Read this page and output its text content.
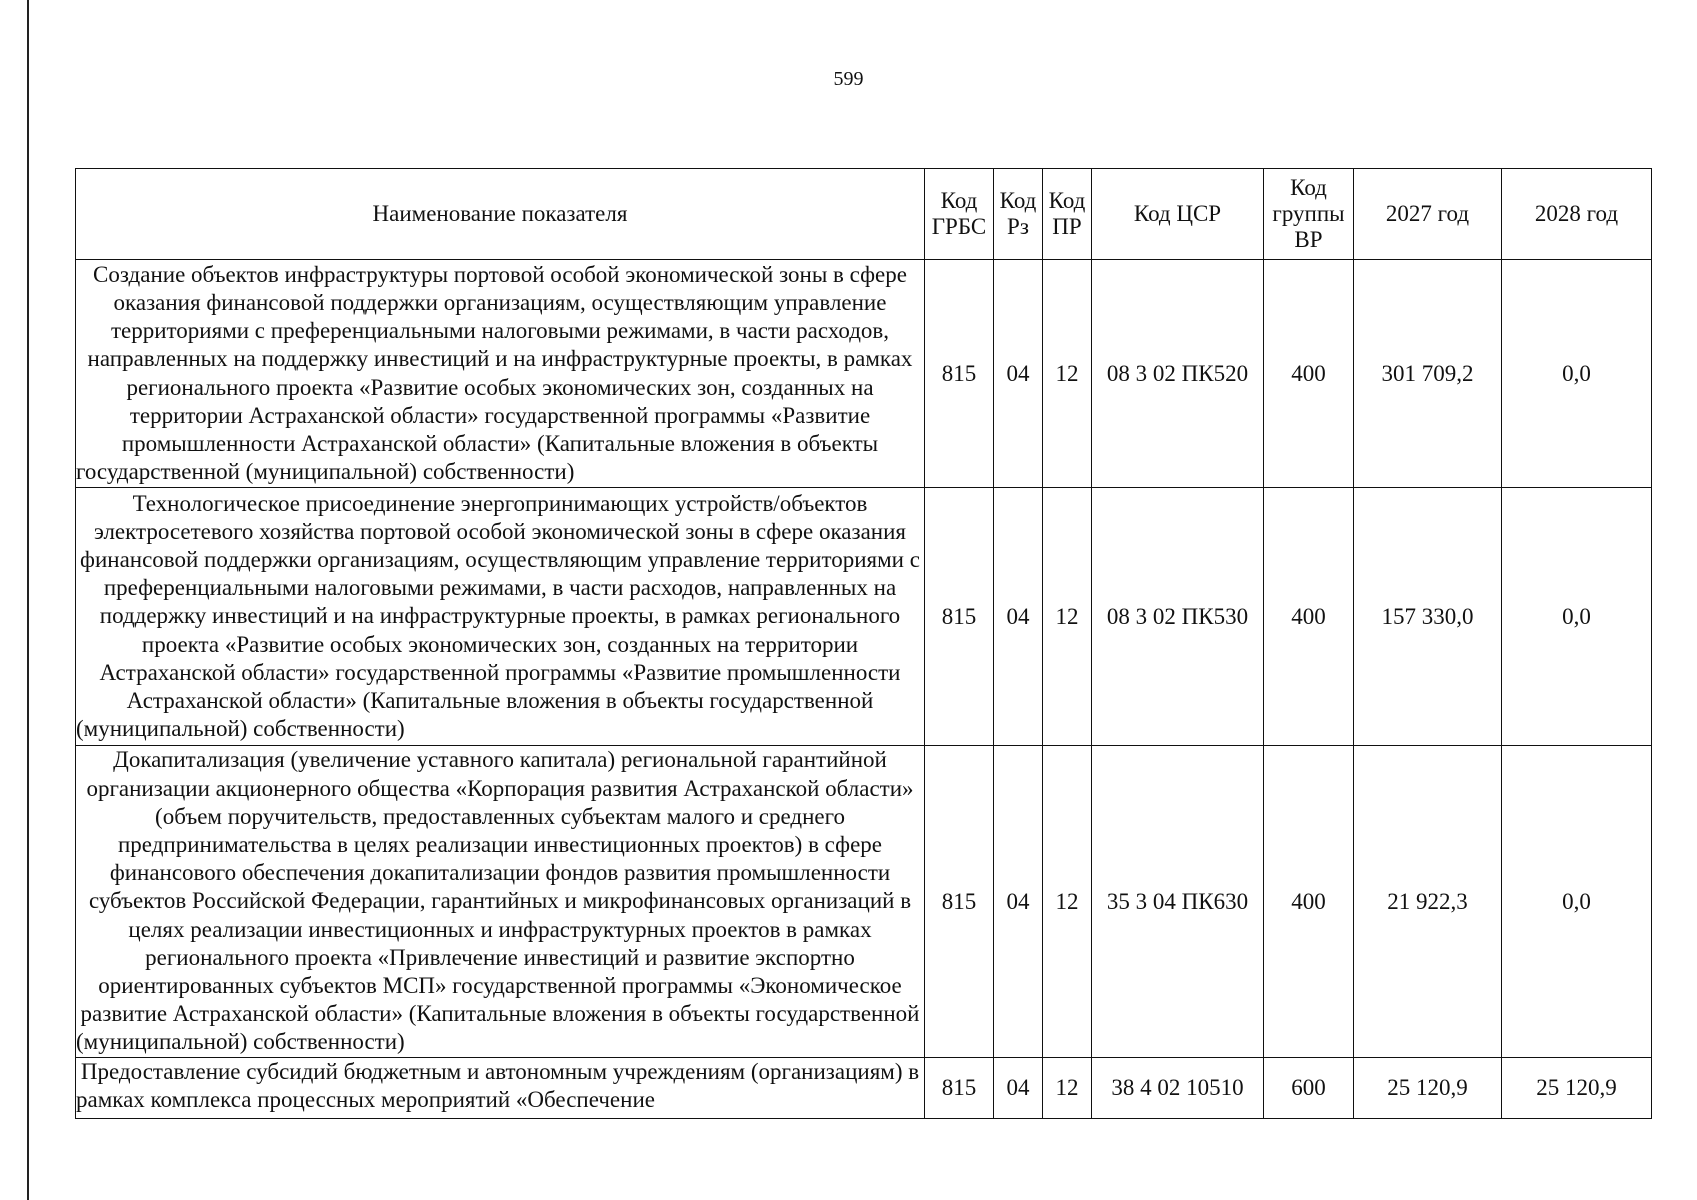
599
Наименование показателя	Код ГРБС	Код Рз	Код ПР	Код ЦСР	Код группы ВР	2027 год	2028 год
Создание объектов инфраструктуры портовой особой экономической зоны в сфере оказания финансовой поддержки организациям, осуществляющим управление территориями с преференциальными налоговыми режимами, в части расходов, направленных на поддержку инвестиций и на инфраструктурные проекты, в рамках регионального проекта «Развитие особых экономических зон, созданных на территории Астраханской области» государственной программы «Развитие промышленности Астраханской области» (Капитальные вложения в объекты государственной (муниципальной) собственности)	815	04	12	08 3 02 ПК520	400	301 709,2	0,0
Технологическое присоединение энергопринимающих устройств/объектов электросетевого хозяйства портовой особой экономической зоны в сфере оказания финансовой поддержки организациям, осуществляющим управление территориями с преференциальными налоговыми режимами, в части расходов, направленных на поддержку инвестиций и на инфраструктурные проекты, в рамках регионального проекта «Развитие особых экономических зон, созданных на территории Астраханской области» государственной программы «Развитие промышленности Астраханской области» (Капитальные вложения в объекты государственной (муниципальной) собственности)	815	04	12	08 3 02 ПК530	400	157 330,0	0,0
Докапитализация (увеличение уставного капитала) региональной гарантийной организации акционерного общества «Корпорация развития Астраханской области» (объем поручительств, предоставленных субъектам малого и среднего предпринимательства в целях реализации инвестиционных проектов) в сфере финансового обеспечения докапитализации фондов развития промышленности субъектов Российской Федерации, гарантийных и микрофинансовых организаций в целях реализации инвестиционных и инфраструктурных проектов в рамках регионального проекта «Привлечение инвестиций и развитие экспортно ориентированных субъектов МСП» государственной программы «Экономическое развитие Астраханской области» (Капитальные вложения в объекты государственной (муниципальной) собственности)	815	04	12	35 3 04 ПК630	400	21 922,3	0,0
Предоставление субсидий бюджетным и автономным учреждениям (организациям) в рамках комплекса процессных мероприятий «Обеспечение	815	04	12	38 4 02 10510	600	25 120,9	25 120,9
